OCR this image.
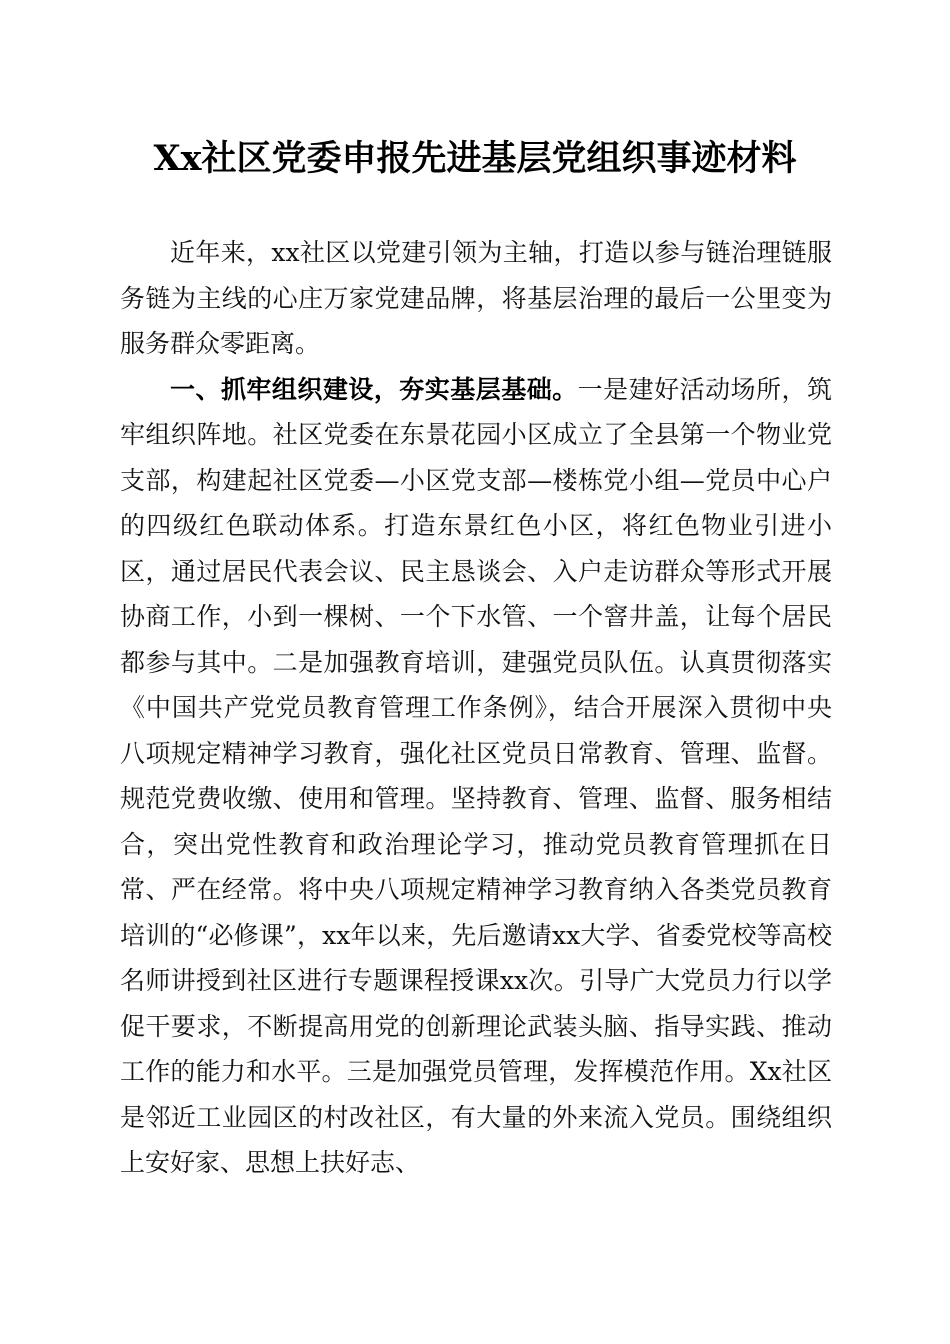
Xx社区党委申报先进基层党组织事迹材料

近年来，xx社区以党建引领为主轴，打造以参与链治理链服务链为主线的心庄万家党建品牌，将基层治理的最后一公里变为服务群众零距离。

一、抓牢组织建设，夯实基层基础。一是建好活动场所，筑牢组织阵地。社区党委在东景花园小区成立了全县第一个物业党支部，构建起社区党委—小区党支部—楼栋党小组—党员中心户的四级红色联动体系。打造东景红色小区，将红色物业引进小区，通过居民代表会议、民主恳谈会、入户走访群众等形式开展协商工作，小到一棵树、一个下水管、一个窨井盖，让每个居民都参与其中。二是加强教育培训，建强党员队伍。认真贯彻落实《中国共产党党员教育管理工作条例》，结合开展深入贯彻中央八项规定精神学习教育，强化社区党员日常教育、管理、监督。规范党费收缴、使用和管理。坚持教育、管理、监督、服务相结合，突出党性教育和政治理论学习，推动党员教育管理抓在日常、严在经常。将中央八项规定精神学习教育纳入各类党员教育培训的“必修课”，xx年以来，先后邀请xx大学、省委党校等高校名师讲授到社区进行专题课程授课xx次。引导广大党员力行以学促干要求，不断提高用党的创新理论武装头脑、指导实践、推动工作的能力和水平。三是加强党员管理，发挥模范作用。Xx社区是邻近工业园区的村改社区，有大量的外来流入党员。围绕组织上安好家、思想上扶好志、
